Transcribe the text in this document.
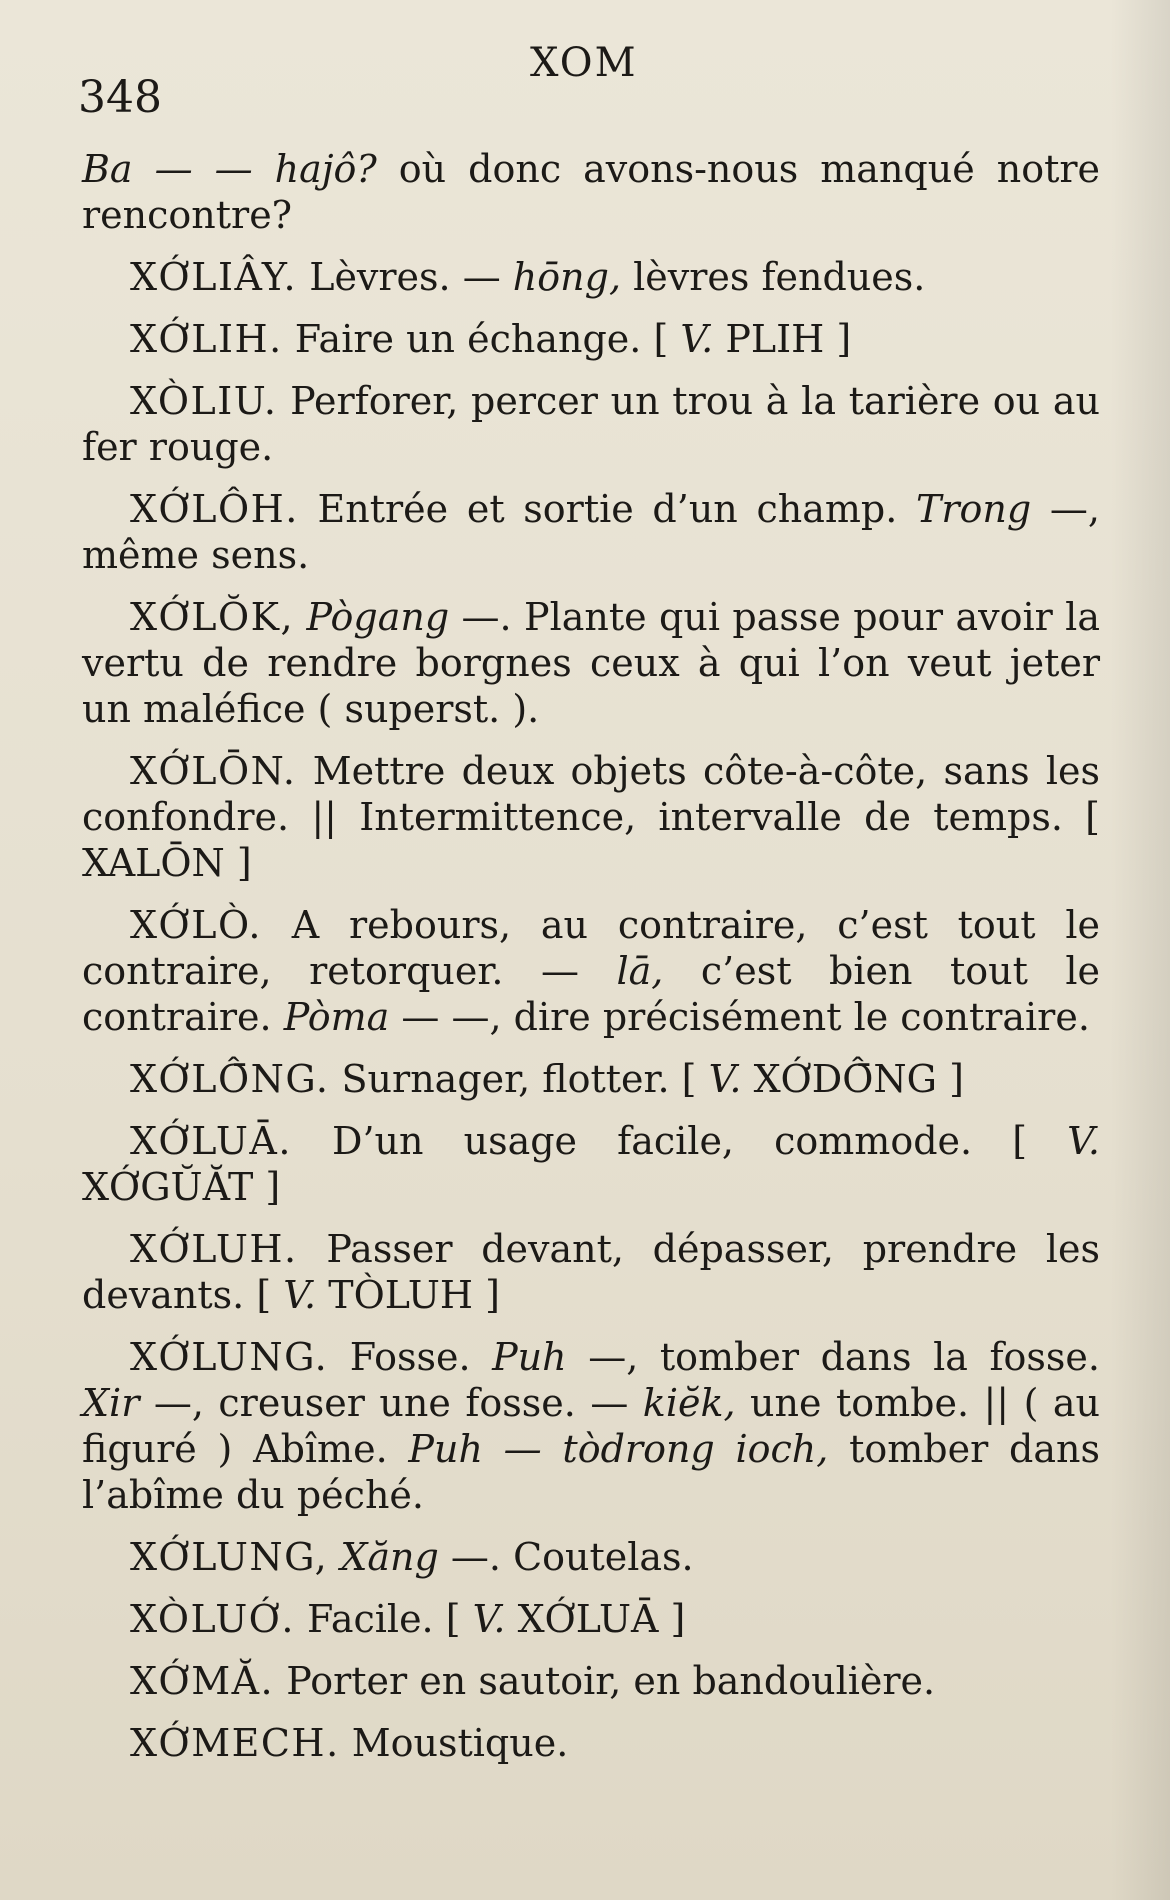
348
XOM

Ba — — hajô? où donc avons-nous manqué notre rencontre?

XỚLIÂY. Lèvres. — hōng, lèvres fendues.

XỚLIH. Faire un échange. [ V. PLIH ]

XÒLIU. Perforer, percer un trou à la tarière ou au fer rouge.

XỚLÔH. Entrée et sortie d’un champ. Trong —, même sens.

XỚLŎK, Pògang —. Plante qui passe pour avoir la vertu de rendre borgnes ceux à qui l’on veut jeter un maléfice ( superst. ).

XỚLŌN. Mettre deux objets côte-à-côte, sans les confondre. || Intermittence, intervalle de temps. [ XALŌN ]

XỚLÒ. A rebours, au contraire, c’est tout le contraire, retorquer. — lā, c’est bien tout le contraire. Pòma — —, dire précisément le contraire.

XỚLÔ̄NG. Surnager, flotter. [ V. XỚDÔ̄NG ]

XỚLUĀ. D’un usage facile, commode. [ V. XỚGŬĂT ]

XỚLUH. Passer devant, dépasser, prendre les devants. [ V. TÒLUH ]

XỚLUNG. Fosse. Puh —, tomber dans la fosse. Xir —, creuser une fosse. — kiĕk, une tombe. || ( au figuré ) Abîme. Puh — tòdrong ioch, tomber dans l’abîme du péché.

XỚLUNG, Xăng —. Coutelas.

XÒLUỚ. Facile. [ V. XỚLUĀ ]

XỚMĂ. Porter en sautoir, en bandoulière.

XỚMECH. Moustique.
